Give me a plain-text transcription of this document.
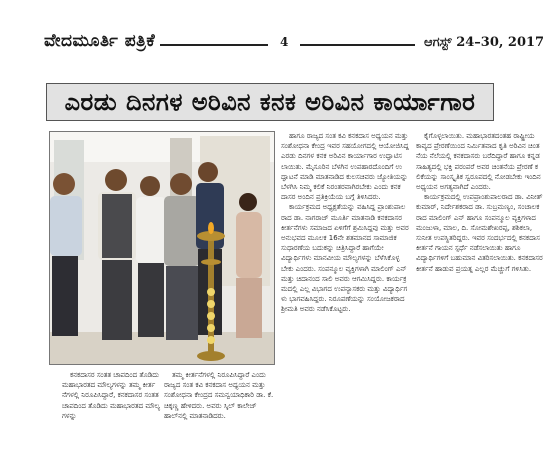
ವೇದಮೂರ್ತಿ ಪತ್ರಿಕೆ	4	ಆಗಸ್ಟ್ 24–30, 2017
ಎರಡು ದಿನಗಳ ಅರಿವಿನ ಕನಕ ಅರಿವಿನ ಕಾರ್ಯಾಗಾರ

ಹಾಗೂ ರಾಜ್ಯದ ಸಂತ ಕವಿ ಕನಕದಾಸ ಅಧ್ಯಯನ ಮತ್ತು ಸಂಶೋಧನಾ ಕೇಂದ್ರ ಇವರ ಸಹಯೋಗದಲ್ಲಿ ಆಯೋಜಿಸಿದ್ದ ಎರಡು ದಿನಗಳ ಕನಕ ಅರಿವಿನ ಕಾರ್ಯಾಗಾರ ಉದ್ಘಾಟಿಸಲಾಯಿತು. ಮೈಸೂರಿನ ಬೆಳಗಿನ ಉಪಹಾರದೊಂದಿಗೆ ಉದ್ಘಾಟನೆ ಮಾಡಿ ಮಾತನಾಡಿದ ಕುಲಸಚಿವರು ಜ್ಯೋತಿಯನ್ನು ಬೆಳಗಿಸಿ ನಿಮ್ಮ ಕಲಿಕೆ ನಿರಂತರವಾಗಿರಬೇಕು ಎಂದು ಕನಕದಾಸರ ಅಂದಿನ ಪ್ರತಿಕ್ರಿಯೆಯ ಬಗ್ಗೆ ತಿಳಿಸಿದರು.

ಕಾರ್ಯಕ್ರಮದ ಅಧ್ಯಕ್ಷತೆಯನ್ನು ವಹಿಸಿದ್ದ ಪ್ರಾಂಶುಪಾಲರಾದ ಡಾ. ನಾಗರಾಜ್ ಮೂರ್ತಿ ಮಾತನಾಡಿ ಕನಕದಾಸರ ಕೀರ್ತನೆಗಳು ಸಮಾಜದ ಏಳಿಗೆಗೆ ಶ್ರಮಿಸಿದ್ದವು ಮತ್ತು ಅವರ ಅನುಭವದ ಮೂಲಕ 16ನೇ ಶತಮಾನದ ಸಾಮಾಜಿಕ ಸುಧಾರಣೆಯ ಬದುಕನ್ನು ಚಿತ್ರಿಸಿದ್ದಾರೆ ಹಾಗೆಯೇ ವಿದ್ಯಾರ್ಥಿಗಳು ಮಾನವೀಯ ಮೌಲ್ಯಗಳನ್ನು ಬೆಳೆಸಿಕೊಳ್ಳಬೇಕು ಎಂದರು. ಸಂಪನ್ಮೂಲ ವ್ಯಕ್ತಿಗಳಾಗಿ ಮಾಲಿಂಗ್ ಎನ್ ಮತ್ತು ಚಿದಾನಂದ ಸಾಲಿ ಅವರು ಆಗಮಿಸಿದ್ದರು. ಕಾರ್ಯಕ್ರಮದಲ್ಲಿ ಎಲ್ಲ ವಿಭಾಗದ ಉಪನ್ಯಾಸಕರು ಮತ್ತು ವಿದ್ಯಾರ್ಥಿಗಳು ಭಾಗವಹಿಸಿದ್ದರು. ನಿರೂಪಣೆಯನ್ನು ಸಂಯೋಜಕರಾದ ಶ್ರೀಮತಿ ಅವರು ನಡೆಸಿಕೊಟ್ಟರು.

ಕೈಗೊಳ್ಳಲಾಯಿತು. ಮಹಾಭಾರತದಂತಹ ರಾಷ್ಟ್ರೀಯ ಕಾವ್ಯದ ಪ್ರೇರಣೆಯಿಂದ ನಿರ್ಮಿತವಾದ ಕೃತಿ ಅರಿವಿನ ಚಿಂತನೆಯ ನೆಲೆಯಲ್ಲಿ ಕನಕದಾಸರು ಬರೆದಿದ್ದಾರೆ ಹಾಗೂ ಕನ್ನಡ ಸಾಹಿತ್ಯದಲ್ಲಿ ಭಕ್ತಿ ಪರಂಪರೆ ಅವರ ಚಿಂತನೆಯ ಪ್ರೇರಣೆ ಕಲಿಕೆಯನ್ನು ಸಾಂಸ್ಕೃತಿಕ ಸ್ವರೂಪದಲ್ಲಿ ನೋಡಬೇಕು ಇಂದಿನ ಅಧ್ಯಯನ ಅಗತ್ಯವಾಗಿದೆ ಎಂದರು.

ಕಾರ್ಯಕ್ರಮದಲ್ಲಿ ಉಪಪ್ರಾಂಶುಪಾಲರಾದ ಡಾ. ವಿನೀತ್ ಕುಮಾರ್, ನಿರ್ದೇಶಕರಾದ ಡಾ. ಸುಬ್ರಮಣ್ಯಂ, ಸಂಚಾಲಕರಾದ ಮಾಲಿಂಗ್ ಎನ್ ಹಾಗೂ ಸಂಪನ್ಮೂಲ ವ್ಯಕ್ತಿಗಳಾದ ಮಂಜುಳಾ, ಮಾಲ, ದಿ. ಸೋಮಶೇಖರಪ್ಪ, ಶಶಿಕಲಾ, ಸುನೀತ ಉಪಸ್ಥಿತರಿದ್ದರು. ಇವರ ಸಂದರ್ಭದಲ್ಲಿ ಕನಕದಾಸ ಕೀರ್ತನೆ ಗಾಯನ ಸ್ಪರ್ಧೆ ನಡೆಸಲಾಯಿತು ಹಾಗೂ ವಿದ್ಯಾರ್ಥಿಗಳಿಗೆ ಬಹುಮಾನ ವಿತರಿಸಲಾಯಿತು. ಕನಕದಾಸರ ಕೀರ್ತನೆ ಹಾಡುವ ಪ್ರಯತ್ನ ಎಲ್ಲರ ಮೆಚ್ಚುಗೆ ಗಳಿಸಿತು.

ಕನಕದಾಸರ ಸಂತತ ಚಾಪದಿಂದ ತೊಡಿದು ಮಹಾಭಾರತದ ಮೌಲ್ಯಗಳನ್ನು ತಮ್ಮ ಕೀರ್ತನೆಗಳಲ್ಲಿ ನಿರೂಪಿಸಿದ್ದಾರೆ, ಕನಕದಾಸರ ಸಂತತ ಚಾಪದಿಂದ ತೊಡಿದು ಮಹಾಭಾರತದ ಮೌಲ್ಯಗಳನ್ನು

ತಮ್ಮ ಕೀರ್ತನೆಗಳಲ್ಲಿ ನಿರೂಪಿಸಿದ್ದಾರೆ ಎಂದು ರಾಜ್ಯದ ಸಂತ ಕವಿ ಕನಕದಾಸ ಅಧ್ಯಯನ ಮತ್ತು ಸಂಶೋಧನಾ ಕೇಂದ್ರದ ಸಮನ್ವಯಾಧಿಕಾರಿ ಡಾ. ಕೆ. ಚಿಕ್ಕಣ್ಣ ಹೇಳಿದರು. ಅವರು ಸ್ಕಿಲ್ ಕಾಲೇಜ್ ಹಾಲ್‌ನಲ್ಲಿ ಮಾತನಾಡಿದರು.
